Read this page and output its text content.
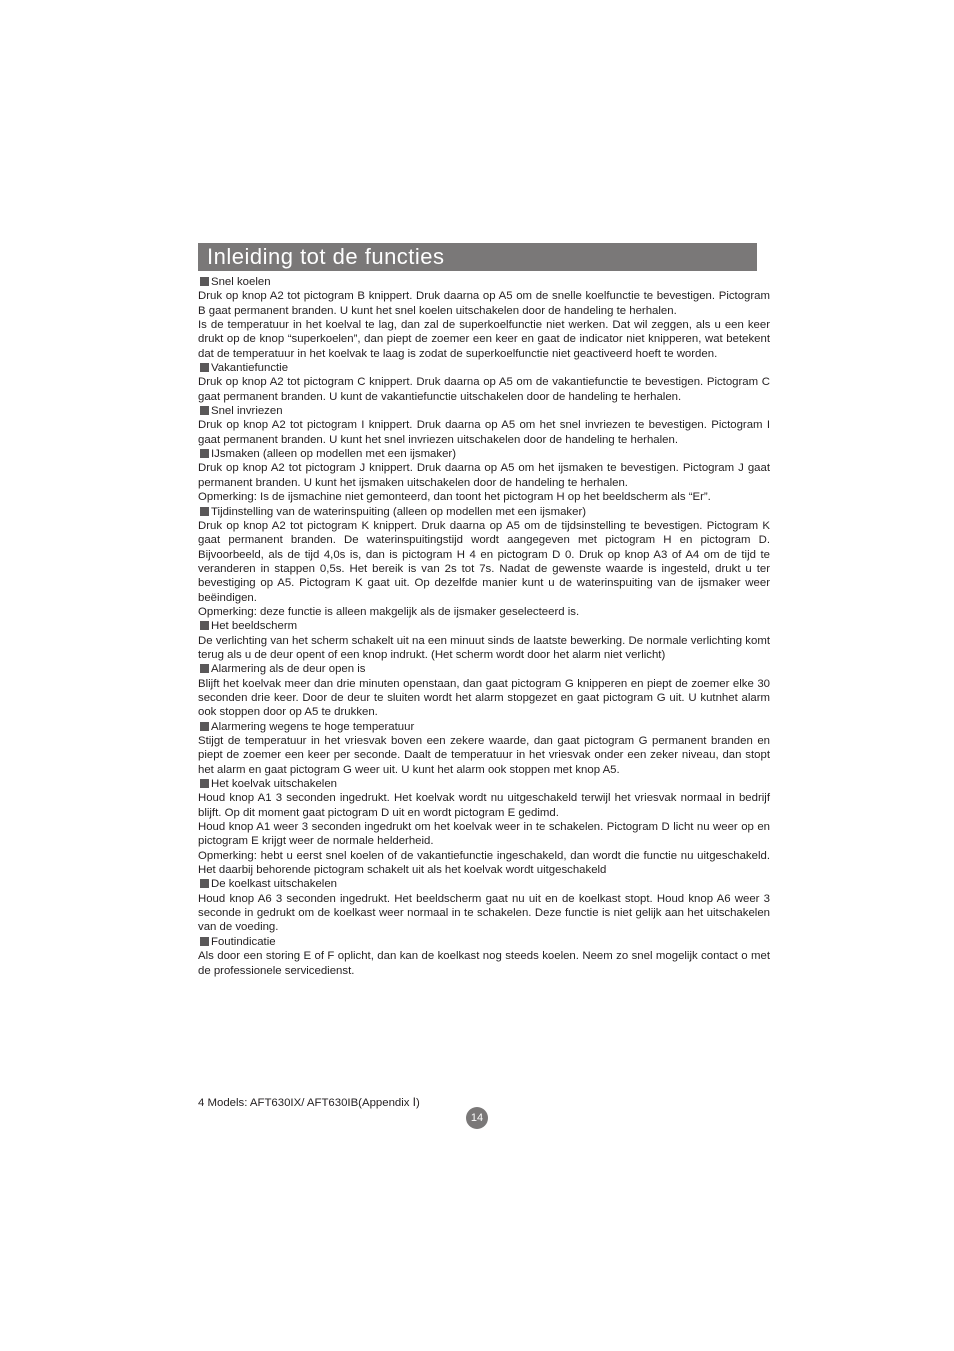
Inleiding tot de functies
Snel koelen

Druk op knop A2 tot pictogram B knippert. Druk daarna op A5 om de snelle koelfunctie te bevestigen. Pictogram B gaat permanent branden. U kunt het snel koelen uitschakelen door de handeling te herhalen.

Is de temperatuur in het koelval te lag, dan zal de superkoelfunctie niet werken. Dat wil zeggen, als u een keer drukt op de knop “superkoelen”, dan piept de zoemer een keer en gaat de indicator niet knipperen, wat betekent dat de temperatuur in het koelvak te laag is zodat de superkoelfunctie niet geactiveerd hoeft te worden.

Vakantiefunctie

Druk op knop A2 tot pictogram C knippert. Druk daarna op A5 om de vakantiefunctie te bevestigen. Pictogram C gaat permanent branden. U kunt de vakantiefunctie uitschakelen door de handeling te herhalen.

Snel invriezen

Druk op knop A2 tot pictogram I knippert. Druk daarna op A5 om het snel invriezen te bevestigen. Pictogram I gaat permanent branden. U kunt het snel invriezen uitschakelen door de handeling te herhalen.

IJsmaken (alleen op modellen met een ijsmaker)

Druk op knop A2 tot pictogram J knippert. Druk daarna op A5 om het ijsmaken te bevestigen. Pictogram J gaat permanent branden. U kunt het ijsmaken uitschakelen door de handeling te herhalen.

Opmerking: Is de ijsmachine niet gemonteerd, dan toont het pictogram H op het beeldscherm als “Er”.

Tijdinstelling van de waterinspuiting (alleen op modellen met een ijsmaker)

Druk op knop A2 tot pictogram K knippert. Druk daarna op A5 om de tijdsinstelling te bevestigen. Pictogram K gaat permanent branden. De waterinspuitingstijd wordt aangegeven met pictogram H en pictogram D. Bijvoorbeeld, als de tijd 4,0s is, dan is pictogram H 4 en pictogram D 0. Druk op knop A3 of A4 om de tijd te veranderen in stappen 0,5s. Het bereik is van 2s tot 7s. Nadat de gewenste waarde is ingesteld, drukt u ter bevestiging op A5. Pictogram K gaat uit. Op dezelfde manier kunt u de waterinspuiting van de ijsmaker weer beëindigen.

Opmerking: deze functie is alleen makgelijk als de ijsmaker geselecteerd is.

Het beeldscherm

De verlichting van het scherm schakelt uit na een minuut sinds de laatste bewerking. De normale verlichting komt terug als u de deur opent of een knop indrukt. (Het scherm wordt door het alarm niet verlicht)

Alarmering als de deur open is

Blijft het koelvak meer dan drie minuten openstaan, dan gaat pictogram G knipperen en piept de zoemer elke 30 seconden drie keer. Door de deur te sluiten wordt het alarm stopgezet en gaat pictogram G uit. U kutnhet alarm ook stoppen door op A5 te drukken.

Alarmering wegens te hoge temperatuur

Stijgt de temperatuur in het vriesvak boven een zekere waarde, dan gaat pictogram G permanent branden en piept de zoemer een keer per seconde. Daalt de temperatuur in het vriesvak onder een zeker niveau, dan stopt het alarm en gaat pictogram G weer uit. U kunt het alarm ook stoppen met knop A5.

Het koelvak uitschakelen

Houd knop A1 3 seconden ingedrukt. Het koelvak wordt nu uitgeschakeld terwijl het vriesvak normaal in bedrijf blijft. Op dit moment gaat pictogram D uit en wordt pictogram E gedimd.

Houd knop A1 weer 3 seconden ingedrukt om het koelvak weer in te schakelen. Pictogram D licht nu weer op en pictogram E krijgt weer de normale helderheid.

Opmerking: hebt u eerst snel koelen of de vakantiefunctie ingeschakeld, dan wordt die functie nu uitgeschakeld. Het daarbij behorende pictogram schakelt uit als het koelvak wordt uitgeschakeld

De koelkast uitschakelen

Houd knop A6 3 seconden ingedrukt. Het beeldscherm gaat nu uit en de koelkast stopt. Houd knop A6 weer 3 seconde in gedrukt om de koelkast weer normaal in te schakelen. Deze functie is niet gelijk aan het uitschakelen van de voeding.

Foutindicatie

Als door een storing E of F oplicht, dan kan de koelkast nog steeds koelen. Neem zo snel mogelijk contact o met de professionele servicedienst.

4 Models: AFT630IX/ AFT630IB(Appendix Ⅰ)
14
